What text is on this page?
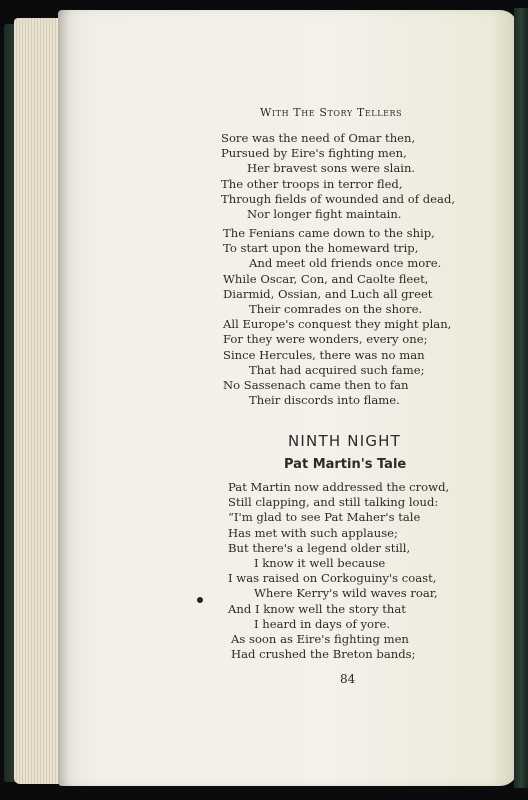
With The Story Tellers
Sore was the need of Omar then,
Pursued by Eire's fighting men,
Her bravest sons were slain.
The other troops in terror fled,
Through fields of wounded and of dead,
Nor longer fight maintain.
The Fenians came down to the ship,
To start upon the homeward trip,
And meet old friends once more.
While Oscar, Con, and Caolte fleet,
Diarmid, Ossian, and Luch all greet
Their comrades on the shore.
All Europe's conquest they might plan,
For they were wonders, every one;
Since Hercules, there was no man
That had acquired such fame;
No Sassenach came then to fan
Their discords into flame.
NINTH NIGHT
Pat Martin's Tale
Pat Martin now addressed the crowd,
Still clapping, and still talking loud:
“I'm glad to see Pat Maher's tale
Has met with such applause;
But there's a legend older still,
I know it well because
I was raised on Corkoguiny's coast,
Where Kerry's wild waves roar,
And I know well the story that
I heard in days of yore.
As soon as Eire's fighting men
Had crushed the Breton bands;
84
